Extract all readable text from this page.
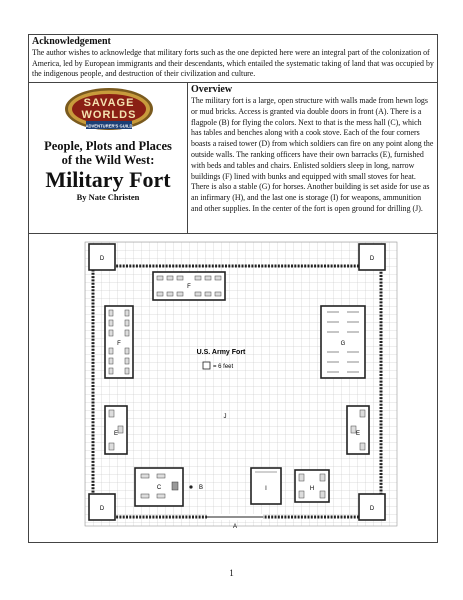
Acknowledgement
The author wishes to acknowledge that military forts such as the one depicted here were an integral part of the colonization of America, led by European immigrants and their descendants, which entailed the systematic taking of land that was occupied by the indigenous people, and destruction of their civilization and culture.
SAVAGE
WORLDS
ADVENTURER'S GUILD
People, Plots and Places
of the Wild West:
Military Fort
By Nate Christen
Overview
The military fort is a large, open structure with walls made from hewn logs or mud bricks. Access is granted via double doors in front (A). There is a flagpole (B) for flying the colors. Next to that is the mess hall (C), which has tables and benches along with a cook stove. Each of the four corners boasts a raised tower (D) from which soldiers can fire on any point along the outside walls. The ranking officers have their own barracks (E), furnished with beds and tables and chairs. Enlisted soldiers sleep in long, narrow buildings (F) lined with bunks and equipped with small stoves for heat. There is also a stable (G) for horses. Another building is set aside for use as an infirmary (H), and the last one is storage (I) for weapons, ammunition and other supplies. In the center of the fort is open ground for drilling (J).
A
D	D
D	D
F
F	G
U.S. Army Fort
= 6 feet
E	E
J
C	B	I	H
1
